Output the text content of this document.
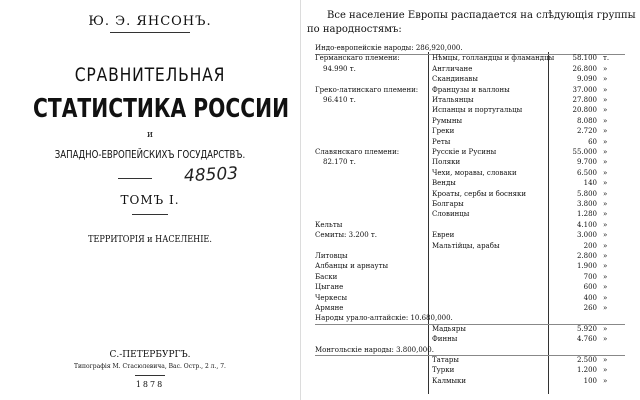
Ю. Э. ЯНСОНЪ.
СРАВНИТЕЛЬНАЯ
СТАТИСТИКА РОССИИ
и
ЗАПАДНО-ЕВРОПЕЙСКИХЪ ГОСУДАРСТВЪ.
48503
ТОМЪ I.
ТЕРРИТОРІЯ и НАСЕЛЕНІЕ.
С.-ПЕТЕРБУРГЪ.
Типографія М. Стасюлевича, Вас. Остр., 2 л., 7.
1878
Все население Европы распадается на слѣдующія группы
по народностямъ:
Индо-европейскіе народы: 286,920,000.
Германскаго племени:	Нѣмцы, голландцы и фламандцы	58.100 т.
94.990 т.	Англичане	26.800 »
Скандинавы	9.090 »
Греко-латинскаго племени: Французы и валлоны	37.000 »
96.410 т.	Итальянцы	27.800 »
Испанцы и португальцы	20.800 »
Румыны	8.080 »
Греки	2.720 »
Реты	60 »
Славянскаго племени:	Русскіе и Русины	55.000 »
82.170 т.	Поляки	9.700 »
Чехи, моравы, словаки	6.500 »
Венды	140 »
Кроаты, сербы и босняки	5.800 »
Болгары	3.800 »
Словинцы	1.280 »
Кельты	4.100 »
Семиты: 3.200 т.	Евреи	3.000 »
Мальтійцы, арабы	200 »
Литовцы	2.800 »
Албанцы и арнауты	1.900 »
Баски	700 »
Цыгане	600 »
Черкесы	400 »
Армяне	260 »
Народы урало-алтайскіе: 10.680,000.
Мадьяры	5.920 »
Финны	4.760 »
Монгольскіе народы: 3.800,000.
Татары	2.500 »
Турки	1.200 »
Калмыки	100 »
